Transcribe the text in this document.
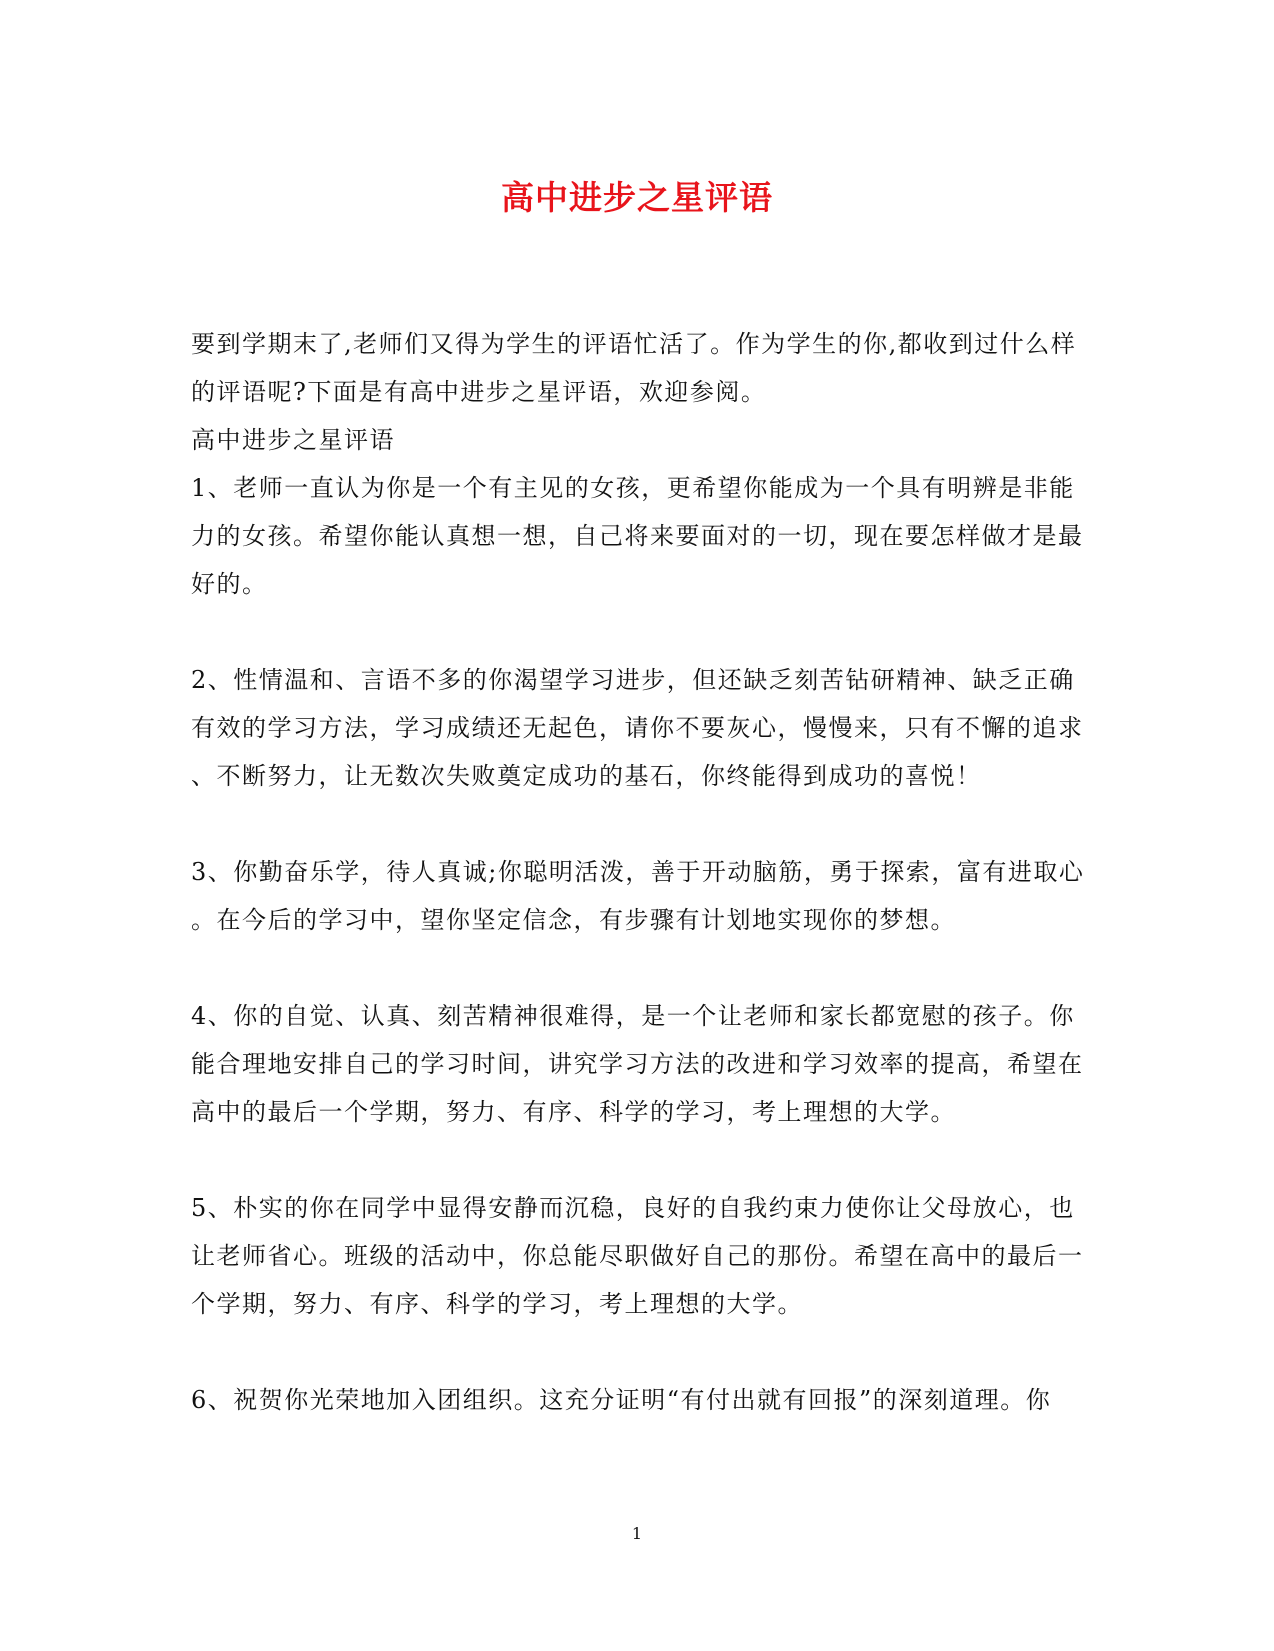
高中进步之星评语
要到学期末了,老师们又得为学生的评语忙活了。作为学生的你,都收到过什么样
的评语呢?下面是有高中进步之星评语，欢迎参阅。
高中进步之星评语
1、老师一直认为你是一个有主见的女孩，更希望你能成为一个具有明辨是非能
力的女孩。希望你能认真想一想，自己将来要面对的一切，现在要怎样做才是最
好的。
2、性情温和、言语不多的你渴望学习进步，但还缺乏刻苦钻研精神、缺乏正确
有效的学习方法，学习成绩还无起色，请你不要灰心，慢慢来，只有不懈的追求
、不断努力，让无数次失败奠定成功的基石，你终能得到成功的喜悦！
3、你勤奋乐学，待人真诚;你聪明活泼，善于开动脑筋，勇于探索，富有进取心
。在今后的学习中，望你坚定信念，有步骤有计划地实现你的梦想。
4、你的自觉、认真、刻苦精神很难得，是一个让老师和家长都宽慰的孩子。你
能合理地安排自己的学习时间，讲究学习方法的改进和学习效率的提高，希望在
高中的最后一个学期，努力、有序、科学的学习，考上理想的大学。
5、朴实的你在同学中显得安静而沉稳，良好的自我约束力使你让父母放心，也
让老师省心。班级的活动中，你总能尽职做好自己的那份。希望在高中的最后一
个学期，努力、有序、科学的学习，考上理想的大学。
6、祝贺你光荣地加入团组织。这充分证明“有付出就有回报”的深刻道理。你
1
